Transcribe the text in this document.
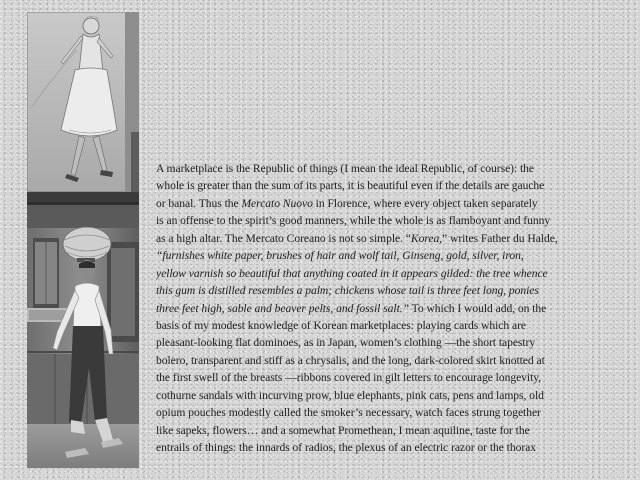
A marketplace is the Republic of things (I mean the ideal Republic, of course): the
whole is greater than the sum of its parts, it is beautiful even if the details are gauche
or banal. Thus the Mercato Nuovo in Florence, where every object taken separately
is an offense to the spirit’s good manners, while the whole is as flamboyant and funny
as a high altar. The Mercato Coreano is not so simple. “Korea,” writes Father du Halde,
“furnishes white paper, brushes of hair and wolf tail, Ginseng, gold, silver, iron,
yellow varnish so beautiful that anything coated in it appears gilded: the tree whence
this gum is distilled resembles a palm; chickens whose tail is three feet long, ponies
three feet high, sable and beaver pelts, and fossil salt.” To which I would add, on the
basis of my modest knowledge of Korean marketplaces: playing cards which are
pleasant-looking flat dominoes, as in Japan, women’s clothing —the short tapestry
bolero, transparent and stiff as a chrysalis, and the long, dark-colored skirt knotted at
the first swell of the breasts —ribbons covered in gilt letters to encourage longevity,
cothurne sandals with incurving prow, blue elephants, pink cats, pens and lamps, old
opium pouches modestly called the smoker’s necessary, watch faces strung together
like sapeks, flowers… and a somewhat Promethean, I mean aquiline, taste for the
entrails of things: the innards of radios, the plexus of an electric razor or the thorax
